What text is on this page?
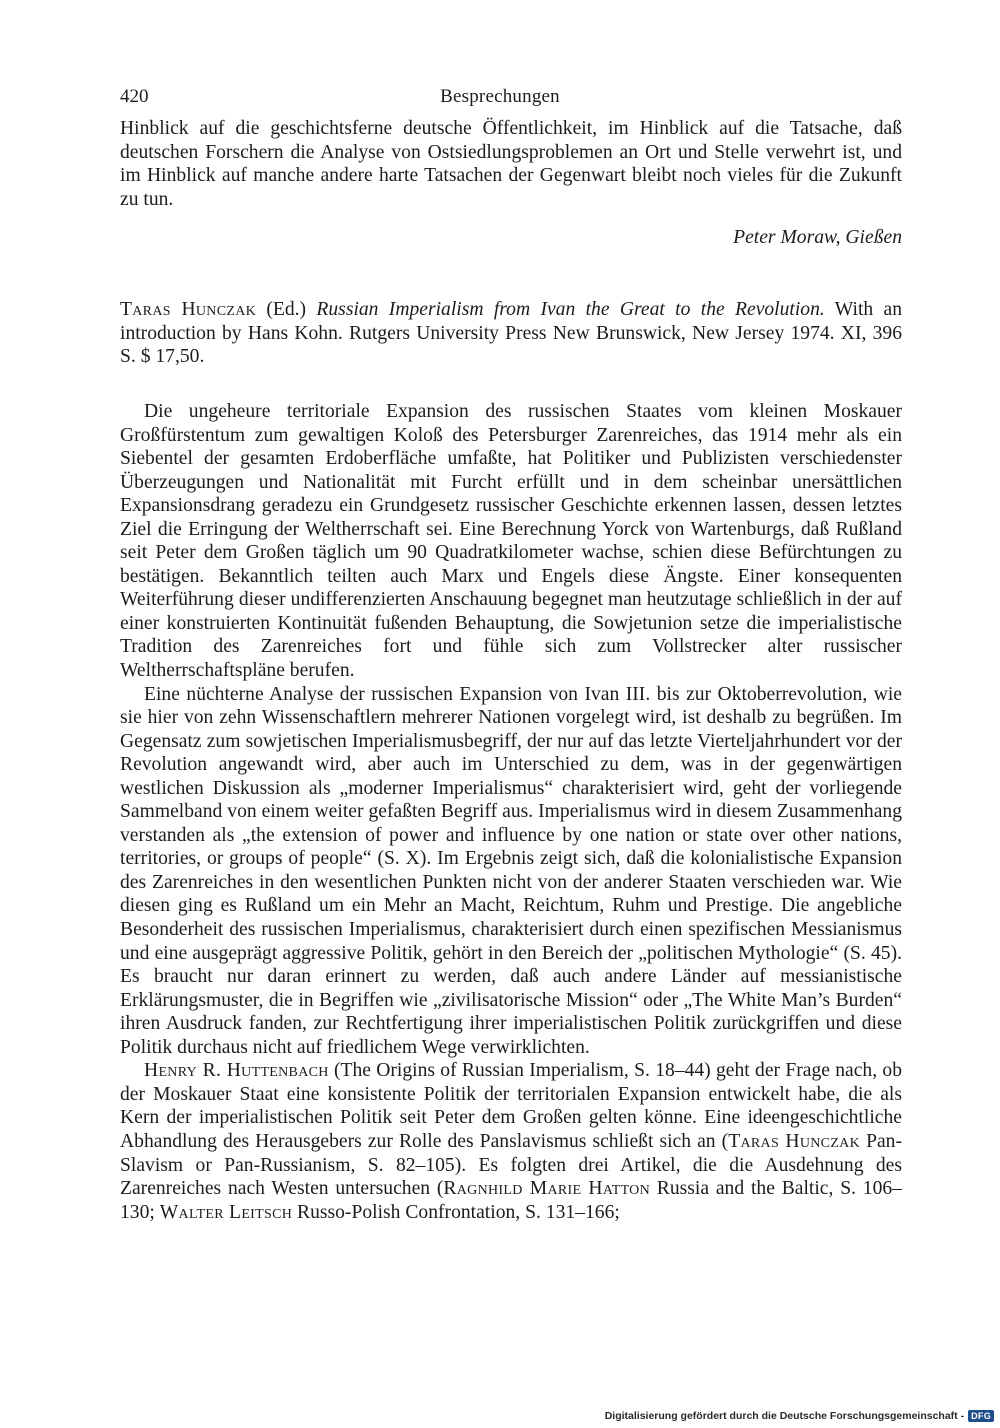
420	Besprechungen

Hinblick auf die geschichtsferne deutsche Öffentlichkeit, im Hinblick auf die Tatsache, daß deutschen Forschern die Analyse von Ostsiedlungsproblemen an Ort und Stelle verwehrt ist, und im Hinblick auf manche andere harte Tatsachen der Gegenwart bleibt noch vieles für die Zukunft zu tun.

Peter Moraw, Gießen

Taras Hunczak (Ed.) Russian Imperialism from Ivan the Great to the Revolution. With an introduction by Hans Kohn. Rutgers University Press New Brunswick, New Jersey 1974. XI, 396 S. $ 17,50.

Die ungeheure territoriale Expansion des russischen Staates vom kleinen Moskauer Großfürstentum zum gewaltigen Koloß des Petersburger Zarenreiches, das 1914 mehr als ein Siebentel der gesamten Erdoberfläche umfaßte, hat Politiker und Publizisten verschiedenster Überzeugungen und Nationalität mit Furcht erfüllt und in dem scheinbar unersättlichen Expansionsdrang geradezu ein Grundgesetz russischer Geschichte erkennen lassen, dessen letztes Ziel die Erringung der Weltherrschaft sei. Eine Berechnung Yorck von Wartenburgs, daß Rußland seit Peter dem Großen täglich um 90 Quadratkilometer wachse, schien diese Befürchtungen zu bestätigen. Bekanntlich teilten auch Marx und Engels diese Ängste. Einer konsequenten Weiterführung dieser undifferenzierten Anschauung begegnet man heutzutage schließlich in der auf einer konstruierten Kontinuität fußenden Behauptung, die Sowjetunion setze die imperialistische Tradition des Zarenreiches fort und fühle sich zum Vollstrecker alter russischer Weltherrschaftspläne berufen.

Eine nüchterne Analyse der russischen Expansion von Ivan III. bis zur Oktoberrevolution, wie sie hier von zehn Wissenschaftlern mehrerer Nationen vorgelegt wird, ist deshalb zu begrüßen. Im Gegensatz zum sowjetischen Imperialismusbegriff, der nur auf das letzte Vierteljahrhundert vor der Revolution angewandt wird, aber auch im Unterschied zu dem, was in der gegenwärtigen westlichen Diskussion als „moderner Imperialismus“ charakterisiert wird, geht der vorliegende Sammelband von einem weiter gefaßten Begriff aus. Imperialismus wird in diesem Zusammenhang verstanden als „the extension of power and influence by one nation or state over other nations, territories, or groups of people“ (S. X). Im Ergebnis zeigt sich, daß die kolonialistische Expansion des Zarenreiches in den wesentlichen Punkten nicht von der anderer Staaten verschieden war. Wie diesen ging es Rußland um ein Mehr an Macht, Reichtum, Ruhm und Prestige. Die angebliche Besonderheit des russischen Imperialismus, charakterisiert durch einen spezifischen Messianismus und eine ausgeprägt aggressive Politik, gehört in den Bereich der „politischen Mythologie“ (S. 45). Es braucht nur daran erinnert zu werden, daß auch andere Länder auf messianistische Erklärungsmuster, die in Begriffen wie „zivilisatorische Mission“ oder „The White Man’s Burden“ ihren Ausdruck fanden, zur Rechtfertigung ihrer imperialistischen Politik zurückgriffen und diese Politik durchaus nicht auf friedlichem Wege verwirklichten.

Henry R. Huttenbach (The Origins of Russian Imperialism, S. 18–44) geht der Frage nach, ob der Moskauer Staat eine konsistente Politik der territorialen Expansion entwickelt habe, die als Kern der imperialistischen Politik seit Peter dem Großen gelten könne. Eine ideengeschichtliche Abhandlung des Herausgebers zur Rolle des Panslavismus schließt sich an (Taras Hunczak Pan-Slavism or Pan-Russianism, S. 82–105). Es folgten drei Artikel, die die Ausdehnung des Zarenreiches nach Westen untersuchen (Ragnhild Marie Hatton Russia and the Baltic, S. 106–130; Walter Leitsch Russo-Polish Confrontation, S. 131–166;

Digitalisierung gefördert durch die Deutsche Forschungsgemeinschaft - DFG
